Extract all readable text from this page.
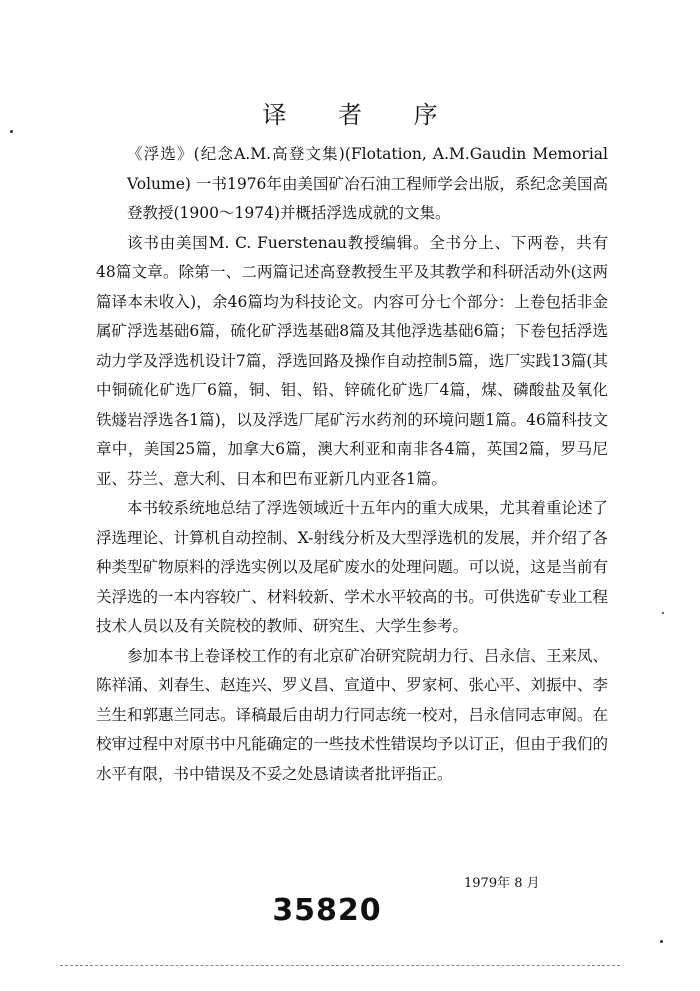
译 者 序

《浮选》(纪念A.M.高登文集)(Flotation, A.M.Gaudin Memorial Volume) 一书1976年由美国矿冶石油工程师学会出版，系纪念美国高登教授(1900～1974)并概括浮选成就的文集。

该书由美国M. C. Fuerstenau教授编辑。全书分上、下两卷，共有48篇文章。除第一、二两篇记述高登教授生平及其教学和科研活动外(这两篇译本未收入)，余46篇均为科技论文。内容可分七个部分：上卷包括非金属矿浮选基础6篇，硫化矿浮选基础8篇及其他浮选基础6篇；下卷包括浮选动力学及浮选机设计7篇，浮选回路及操作自动控制5篇，选厂实践13篇(其中铜硫化矿选厂6篇，铜、钼、铅、锌硫化矿选厂4篇，煤、磷酸盐及氧化铁燧岩浮选各1篇)，以及浮选厂尾矿污水药剂的环境问题1篇。46篇科技文章中，美国25篇，加拿大6篇，澳大利亚和南非各4篇，英国2篇，罗马尼亚、芬兰、意大利、日本和巴布亚新几内亚各1篇。

本书较系统地总结了浮选领域近十五年内的重大成果，尤其着重论述了浮选理论、计算机自动控制、X-射线分析及大型浮选机的发展，并介绍了各种类型矿物原料的浮选实例以及尾矿废水的处理问题。可以说，这是当前有关浮选的一本内容较广、材料较新、学术水平较高的书。可供选矿专业工程技术人员以及有关院校的教师、研究生、大学生参考。

参加本书上卷译校工作的有北京矿冶研究院胡力行、吕永信、王来凤、陈祥涌、刘春生、赵连兴、罗义昌、宣道中、罗家柯、张心平、刘振中、李兰生和郭惠兰同志。译稿最后由胡力行同志统一校对，吕永信同志审阅。在校审过程中对原书中凡能确定的一些技术性错误均予以订正，但由于我们的水平有限，书中错误及不妥之处恳请读者批评指正。

1979年 8 月
35820
